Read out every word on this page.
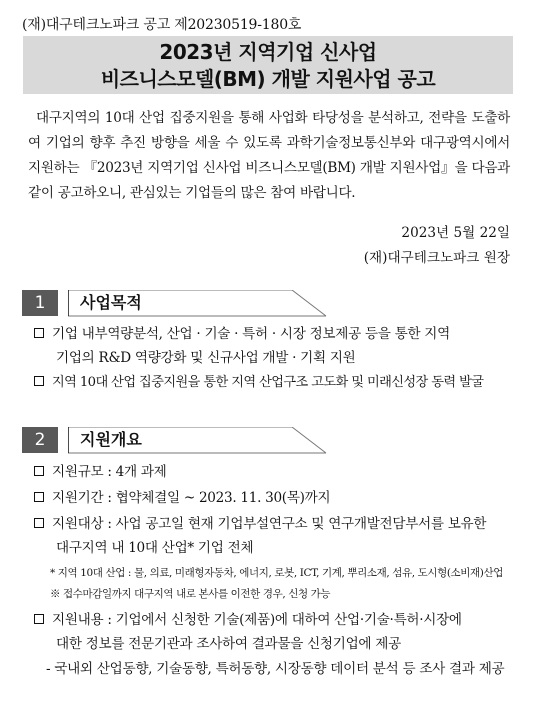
(재)대구테크노파크 공고 제20230519-180호
2023년 지역기업 신사업
비즈니스모델(BM) 개발 지원사업 공고
대구지역의 10대 산업 집중지원을 통해 사업화 타당성을 분석하고, 전략을 도출하여 기업의 향후 추진 방향을 세울 수 있도록 과학기술정보통신부와 대구광역시에서 지원하는 『2023년 지역기업 신사업 비즈니스모델(BM) 개발 지원사업』을 다음과 같이 공고하오니, 관심있는 기업들의 많은 참여 바랍니다.
2023년 5월 22일
(재)대구테크노파크 원장
1	사업목적
기업 내부역량분석, 산업 · 기술 · 특허 · 시장 정보제공 등을 통한 지역
기업의 R&D 역량강화 및 신규사업 개발 · 기획 지원
지역 10대 산업 집중지원을 통한 지역 산업구조 고도화 및 미래신성장 동력 발굴
2	지원개요
지원규모 : 4개 과제
지원기간 : 협약체결일 ~ 2023. 11. 30(목)까지
지원대상 : 사업 공고일 현재 기업부설연구소 및 연구개발전담부서를 보유한
대구지역 내 10대 산업* 기업 전체
* 지역 10대 산업 : 물, 의료, 미래형자동차, 에너지, 로봇, ICT, 기계, 뿌리소재, 섬유, 도시형(소비재)산업
※ 접수마감일까지 대구지역 내로 본사를 이전한 경우, 신청 가능
지원내용 : 기업에서 신청한 기술(제품)에 대하여 산업·기술·특허·시장에
대한 정보를 전문기관과 조사하여 결과물을 신청기업에 제공
- 국내외 산업동향, 기술동향, 특허동향, 시장동향 데이터 분석 등 조사 결과 제공
